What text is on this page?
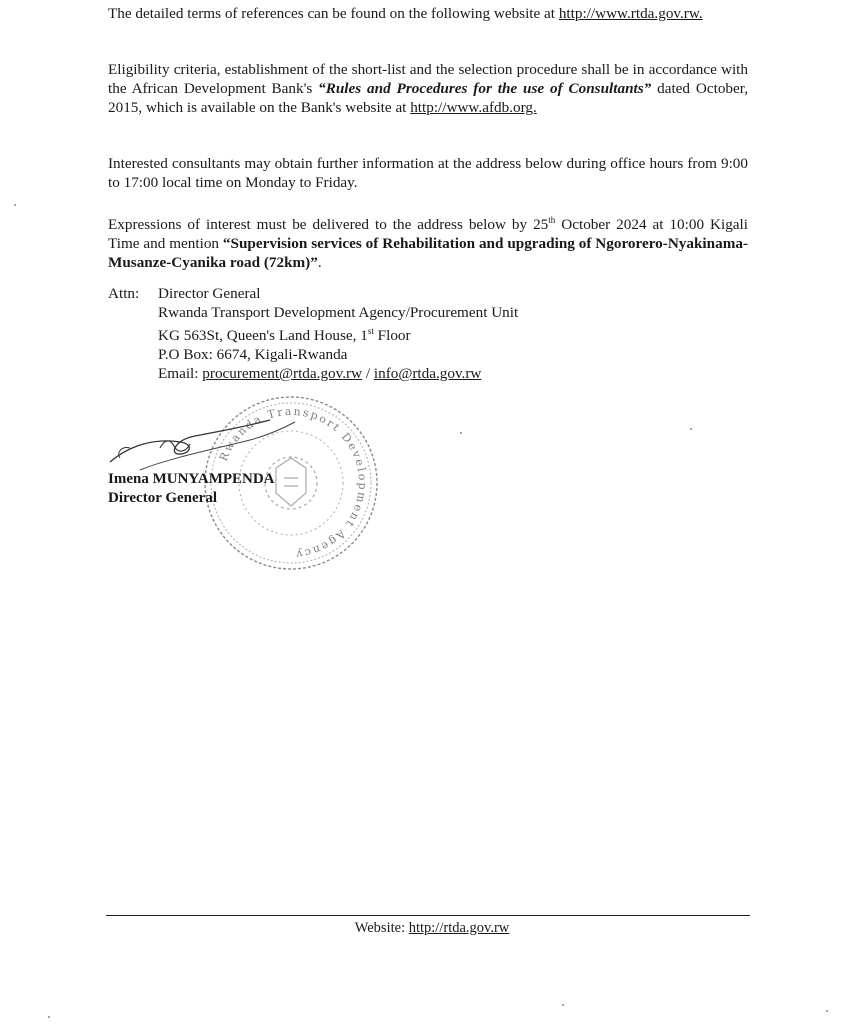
The detailed terms of references can be found on the following website at http://www.rtda.gov.rw.

Eligibility criteria, establishment of the short-list and the selection procedure shall be in accordance with the African Development Bank's “Rules and Procedures for the use of Consultants” dated October, 2015, which is available on the Bank's website at http://www.afdb.org.

Interested consultants may obtain further information at the address below during office hours from 9:00 to 17:00 local time on Monday to Friday.

Expressions of interest must be delivered to the address below by 25th October 2024 at 10:00 Kigali Time and mention “Supervision services of Rehabilitation and upgrading of Ngororero-Nyakinama-Musanze-Cyanika road (72km)”.

Attn:	Director General
Rwanda Transport Development Agency/Procurement Unit
KG 563St, Queen's Land House, 1st Floor
P.O Box: 6674, Kigali-Rwanda
Email: procurement@rtda.gov.rw / info@rtda.gov.rw
Rwanda Transport Development Agency
Imena MUNYAMPENDA
Director General
Website: http://rtda.gov.rw
